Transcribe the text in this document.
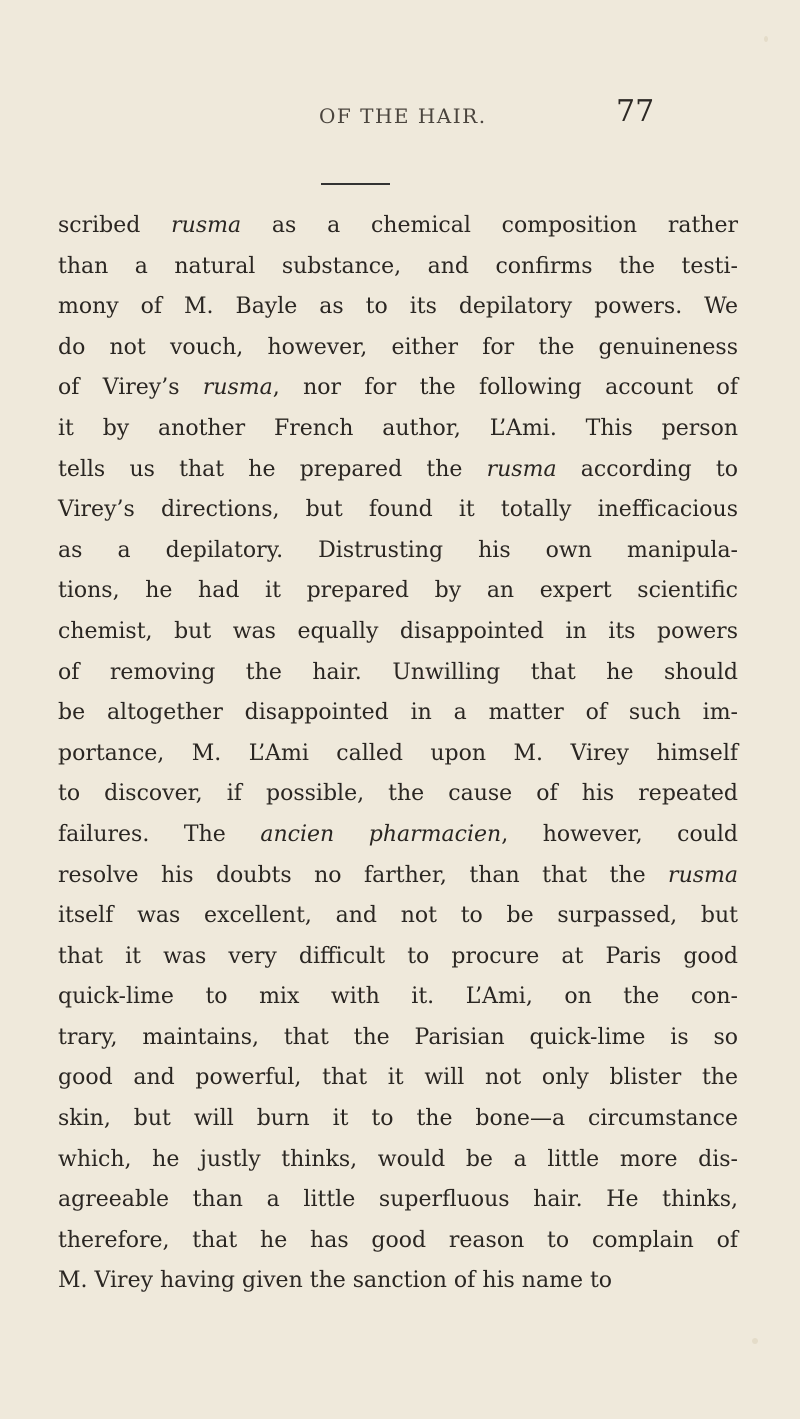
OF THE HAIR.	77
scribed rusma as a chemical composition rather
than a natural substance, and confirms the testi-
mony of M. Bayle as to its depilatory powers. We
do not vouch, however, either for the genuineness
of Virey’s rusma, nor for the following account of
it by another French author, L’Ami. This person
tells us that he prepared the rusma according to
Virey’s directions, but found it totally inefficacious
as a depilatory. Distrusting his own manipula-
tions, he had it prepared by an expert scientific
chemist, but was equally disappointed in its powers
of removing the hair. Unwilling that he should
be altogether disappointed in a matter of such im-
portance, M. L’Ami called upon M. Virey himself
to discover, if possible, the cause of his repeated
failures. The ancien pharmacien, however, could
resolve his doubts no farther, than that the rusma
itself was excellent, and not to be surpassed, but
that it was very difficult to procure at Paris good
quick-lime to mix with it. L’Ami, on the con-
trary, maintains, that the Parisian quick-lime is so
good and powerful, that it will not only blister the
skin, but will burn it to the bone—a circumstance
which, he justly thinks, would be a little more dis-
agreeable than a little superfluous hair. He thinks,
therefore, that he has good reason to complain of
M. Virey having given the sanction of his name to
